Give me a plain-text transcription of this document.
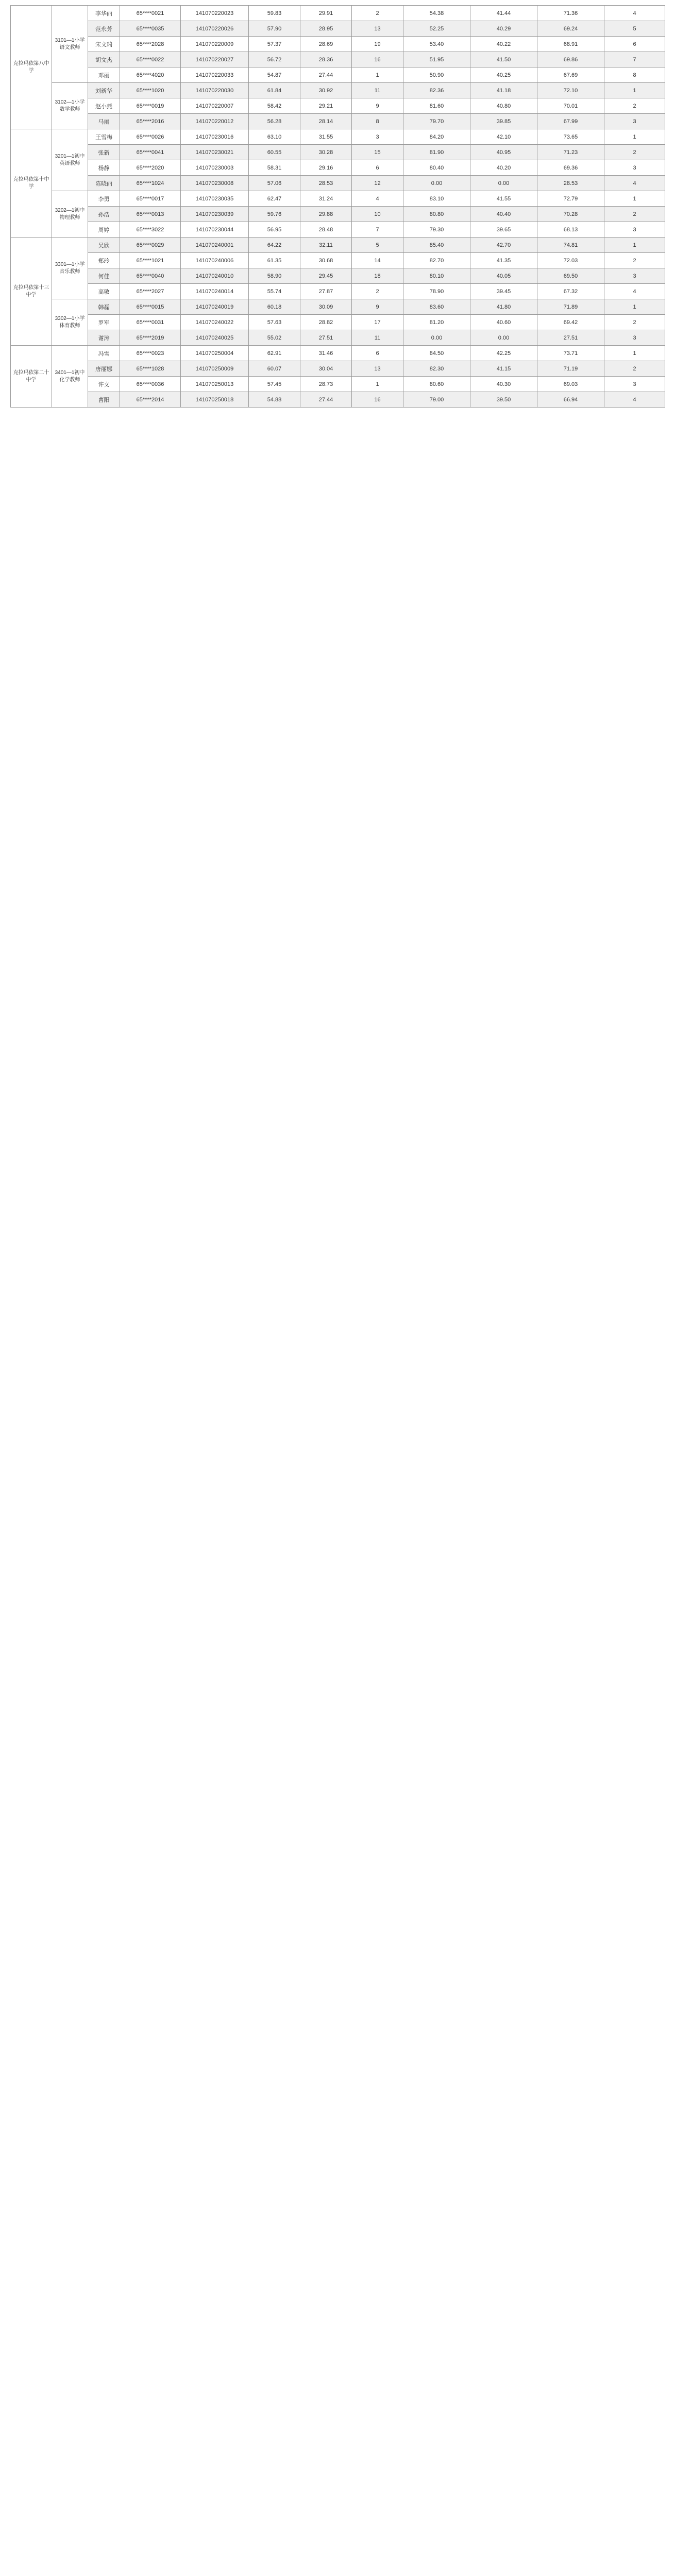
克拉玛依第八中学	3101—1小学语文教师	李华丽	65****0021	141070220023	59.83	29.91	2	54.38	41.44	71.36	4
		范永芳	65****0035	141070220026	57.90	28.95	13	52.25	40.29	69.24	5
		宋文瑞	65****2028	141070220009	57.37	28.69	19	53.40	40.22	68.91	6
		胡文杰	65****0022	141070220027	56.72	28.36	16	51.95	41.50	69.86	7
		邓丽	65****4020	141070220033	54.87	27.44	1	50.90	40.25	67.69	8
	3102—1小学数学教师	刘新华	65****1020	141070220030	61.84	30.92	11	82.36	41.18	72.10	1
		赵小燕	65****0019	141070220007	58.42	29.21	9	81.60	40.80	70.01	2
		马丽	65****2016	141070220012	56.28	28.14	8	79.70	39.85	67.99	3
克拉玛依第十中学	3201—1初中英语教师	王雪梅	65****0026	141070230016	63.10	31.55	3	84.20	42.10	73.65	1
		张新	65****0041	141070230021	60.55	30.28	15	81.90	40.95	71.23	2
		杨静	65****2020	141070230003	58.31	29.16	6	80.40	40.20	69.36	3
		陈晓丽	65****1024	141070230008	57.06	28.53	12	0.00	0.00	28.53	4
	3202—1初中物理教师	李勇	65****0017	141070230035	62.47	31.24	4	83.10	41.55	72.79	1
		孙浩	65****0013	141070230039	59.76	29.88	10	80.80	40.40	70.28	2
		周婷	65****3022	141070230044	56.95	28.48	7	79.30	39.65	68.13	3
克拉玛依第十三中学	3301—1小学音乐教师	吴欣	65****0029	141070240001	64.22	32.11	5	85.40	42.70	74.81	1
		郑玲	65****1021	141070240006	61.35	30.68	14	82.70	41.35	72.03	2
		何佳	65****0040	141070240010	58.90	29.45	18	80.10	40.05	69.50	3
		高敏	65****2027	141070240014	55.74	27.87	2	78.90	39.45	67.32	4
	3302—1小学体育教师	韩磊	65****0015	141070240019	60.18	30.09	9	83.60	41.80	71.89	1
		罗军	65****0031	141070240022	57.63	28.82	17	81.20	40.60	69.42	2
		谢涛	65****2019	141070240025	55.02	27.51	11	0.00	0.00	27.51	3
克拉玛依第二十中学	3401—1初中化学教师	冯雪	65****0023	141070250004	62.91	31.46	6	84.50	42.25	73.71	1
		唐丽娜	65****1028	141070250009	60.07	30.04	13	82.30	41.15	71.19	2
		许文	65****0036	141070250013	57.45	28.73	1	80.60	40.30	69.03	3
		曹阳	65****2014	141070250018	54.88	27.44	16	79.00	39.50	66.94	4
